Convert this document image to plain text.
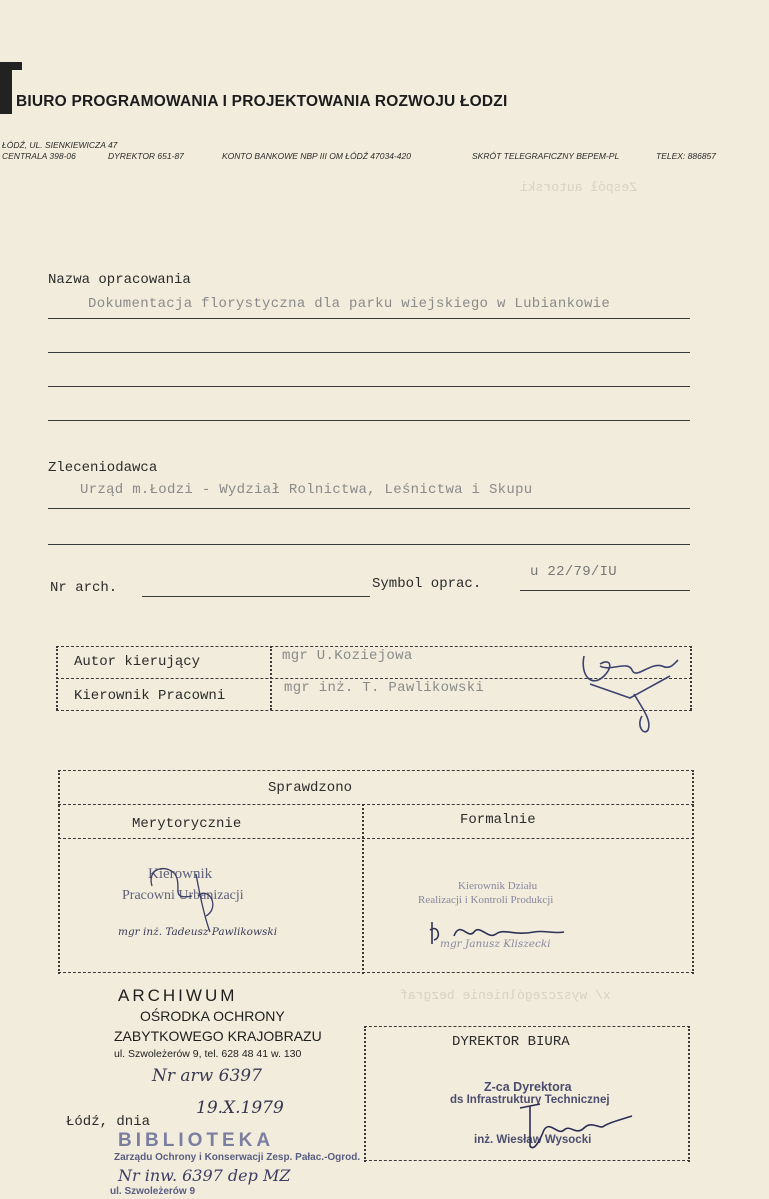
BIURO PROGRAMOWANIA I PROJEKTOWANIA ROZWOJU ŁODZI
ŁÓDŹ, UL. SIENKIEWICZA 47
CENTRALA 398-06	DYREKTOR 651-87	KONTO BANKOWE NBP III OM ŁÓDŹ 47034-420	SKRÓT TELEGRAFICZNY BEPEM-PL	TELEX: 886857
Zespół autorski
x/ wyszczególnienie bezgraf
Nazwa opracowania
Dokumentacja florystyczna dla parku wiejskiego w Lubiankowie
Zleceniodawca
Urząd m.Łodzi - Wydział Rolnictwa, Leśnictwa i Skupu
Nr arch.	Symbol oprac.
u 22/79/IU
Autor kierujący	mgr U.Koziejowa
Kierownik Pracowni	mgr inż. T. Pawlikowski
Sprawdzono
Merytorycznie	Formalnie
Kierownik
Pracowni Urbanizacji
mgr inż. Tadeusz Pawlikowski
Kierownik Działu
Realizacji i Kontroli Produkcji
mgr Janusz Kliszecki
ARCHIWUM
OŚRODKA OCHRONY
ZABYTKOWEGO KRAJOBRAZU
ul. Szwoleżerów 9, tel. 628 48 41 w. 130
Nr arw 6397
DYREKTOR BIURA
Z-ca Dyrektora
ds Infrastruktury Technicznej
inż. Wiesław Wysocki
Łódź, dnia
19.X.1979
BIBLIOTEKA
Zarządu Ochrony i Konserwacji Zesp. Pałac.-Ogrod.
Nr inw. 6397 dep MZ
ul. Szwoleżerów 9
